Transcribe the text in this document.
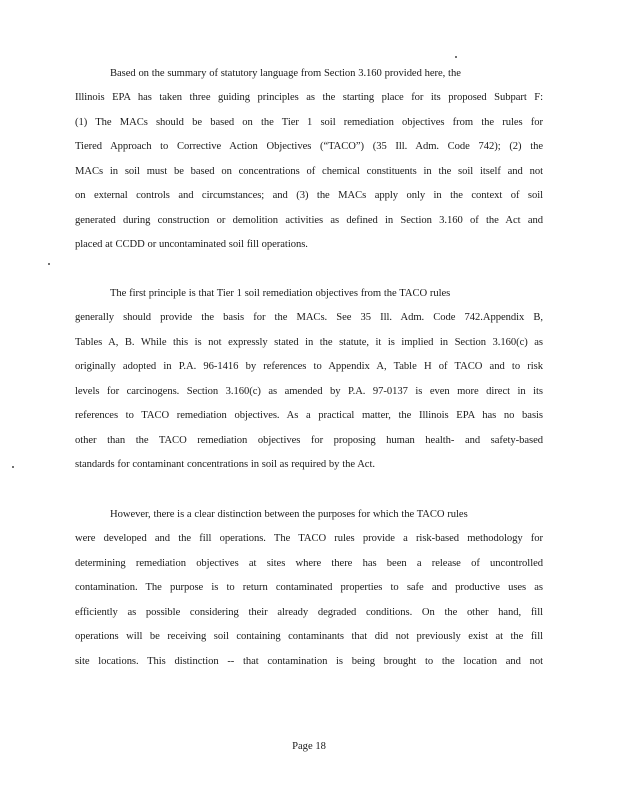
Based on the summary of statutory language from Section 3.160 provided here, the
Illinois EPA has taken three guiding principles as the starting place for its proposed Subpart F:
(1) The MACs should be based on the Tier 1 soil remediation objectives from the rules for
Tiered Approach to Corrective Action Objectives (“TACO”) (35 Ill. Adm. Code 742); (2) the
MACs in soil must be based on concentrations of chemical constituents in the soil itself and not
on external controls and circumstances; and (3) the MACs apply only in the context of soil
generated during construction or demolition activities as defined in Section 3.160 of the Act and
placed at CCDD or uncontaminated soil fill operations.
The first principle is that Tier 1 soil remediation objectives from the TACO rules
generally should provide the basis for the MACs. See 35 Ill. Adm. Code 742.Appendix B,
Tables A, B. While this is not expressly stated in the statute, it is implied in Section 3.160(c) as
originally adopted in P.A. 96-1416 by references to Appendix A, Table H of TACO and to risk
levels for carcinogens. Section 3.160(c) as amended by P.A. 97-0137 is even more direct in its
references to TACO remediation objectives. As a practical matter, the Illinois EPA has no basis
other than the TACO remediation objectives for proposing human health- and safety-based
standards for contaminant concentrations in soil as required by the Act.
However, there is a clear distinction between the purposes for which the TACO rules
were developed and the fill operations. The TACO rules provide a risk-based methodology for
determining remediation objectives at sites where there has been a release of uncontrolled
contamination. The purpose is to return contaminated properties to safe and productive uses as
efficiently as possible considering their already degraded conditions. On the other hand, fill
operations will be receiving soil containing contaminants that did not previously exist at the fill
site locations. This distinction -- that contamination is being brought to the location and not
Page 18
